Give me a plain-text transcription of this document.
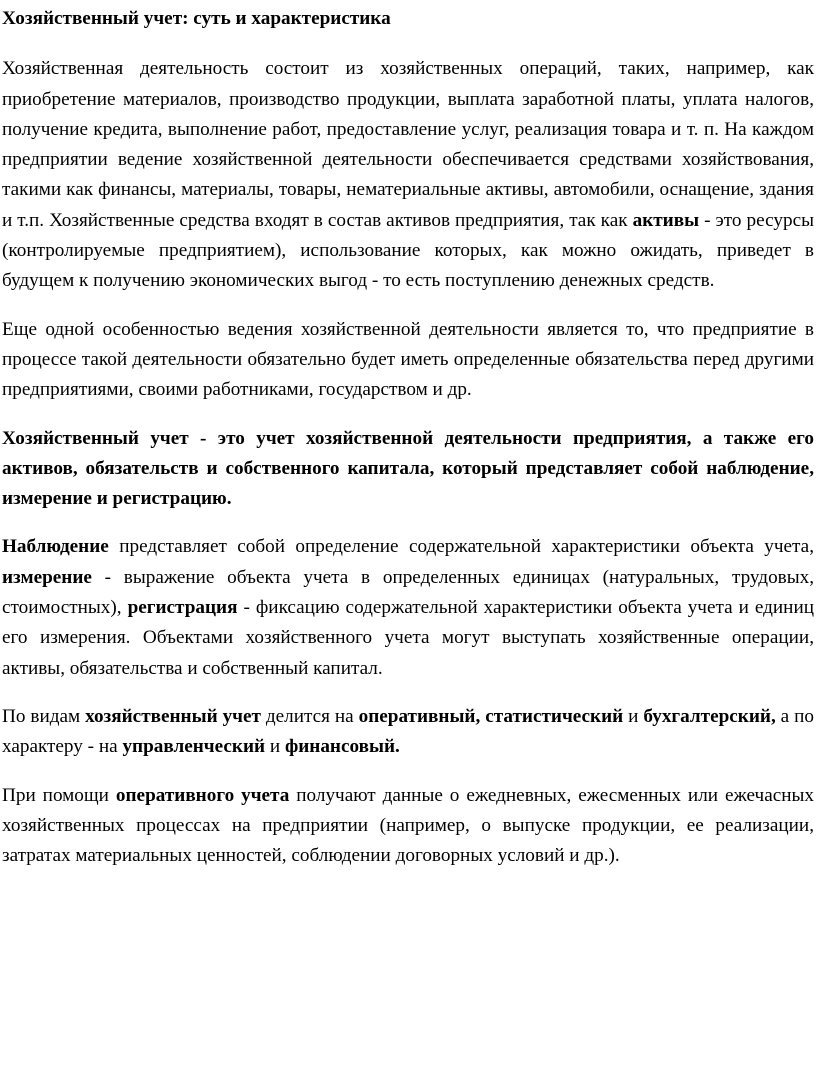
Хозяйственный учет: суть и характеристика

Хозяйственная деятельность состоит из хозяйственных операций, таких, например, как приобретение материалов, производство продукции, выплата заработной платы, уплата налогов, получение кредита, выполнение работ, предоставление услуг, реализация товара и т. п. На каждом предприятии ведение хозяйственной деятельности обеспечивается средствами хозяйствования, такими как финансы, материалы, товары, нематериальные активы, автомобили, оснащение, здания и т.п. Хозяйственные средства входят в состав активов предприятия, так как активы - это ресурсы (контролируемые предприятием), использование которых, как можно ожидать, приведет в будущем к получению экономических выгод - то есть поступлению денежных средств.

Еще одной особенностью ведения хозяйственной деятельности является то, что предприятие в процессе такой деятельности обязательно будет иметь определенные обязательства перед другими предприятиями, своими работниками, государством и др.

Хозяйственный учет - это учет хозяйственной деятельности предприятия, а также его активов, обязательств и собственного капитала, который представляет собой наблюдение, измерение и регистрацию.

Наблюдение представляет собой определение содержательной характеристики объекта учета, измерение - выражение объекта учета в определенных единицах (натуральных, трудовых, стоимостных), регистрация - фиксацию содержательной характеристики объекта учета и единиц его измерения. Объектами хозяйственного учета могут выступать хозяйственные операции, активы, обязательства и собственный капитал.

По видам хозяйственный учет делится на оперативный, статистический и бухгалтерский, а по характеру - на управленческий и финансовый.

При помощи оперативного учета получают данные о ежедневных, ежесменных или ежечасных хозяйственных процессах на предприятии (например, о выпуске продукции, ее реализации, затратах материальных ценностей, соблюдении договорных условий и др.).
